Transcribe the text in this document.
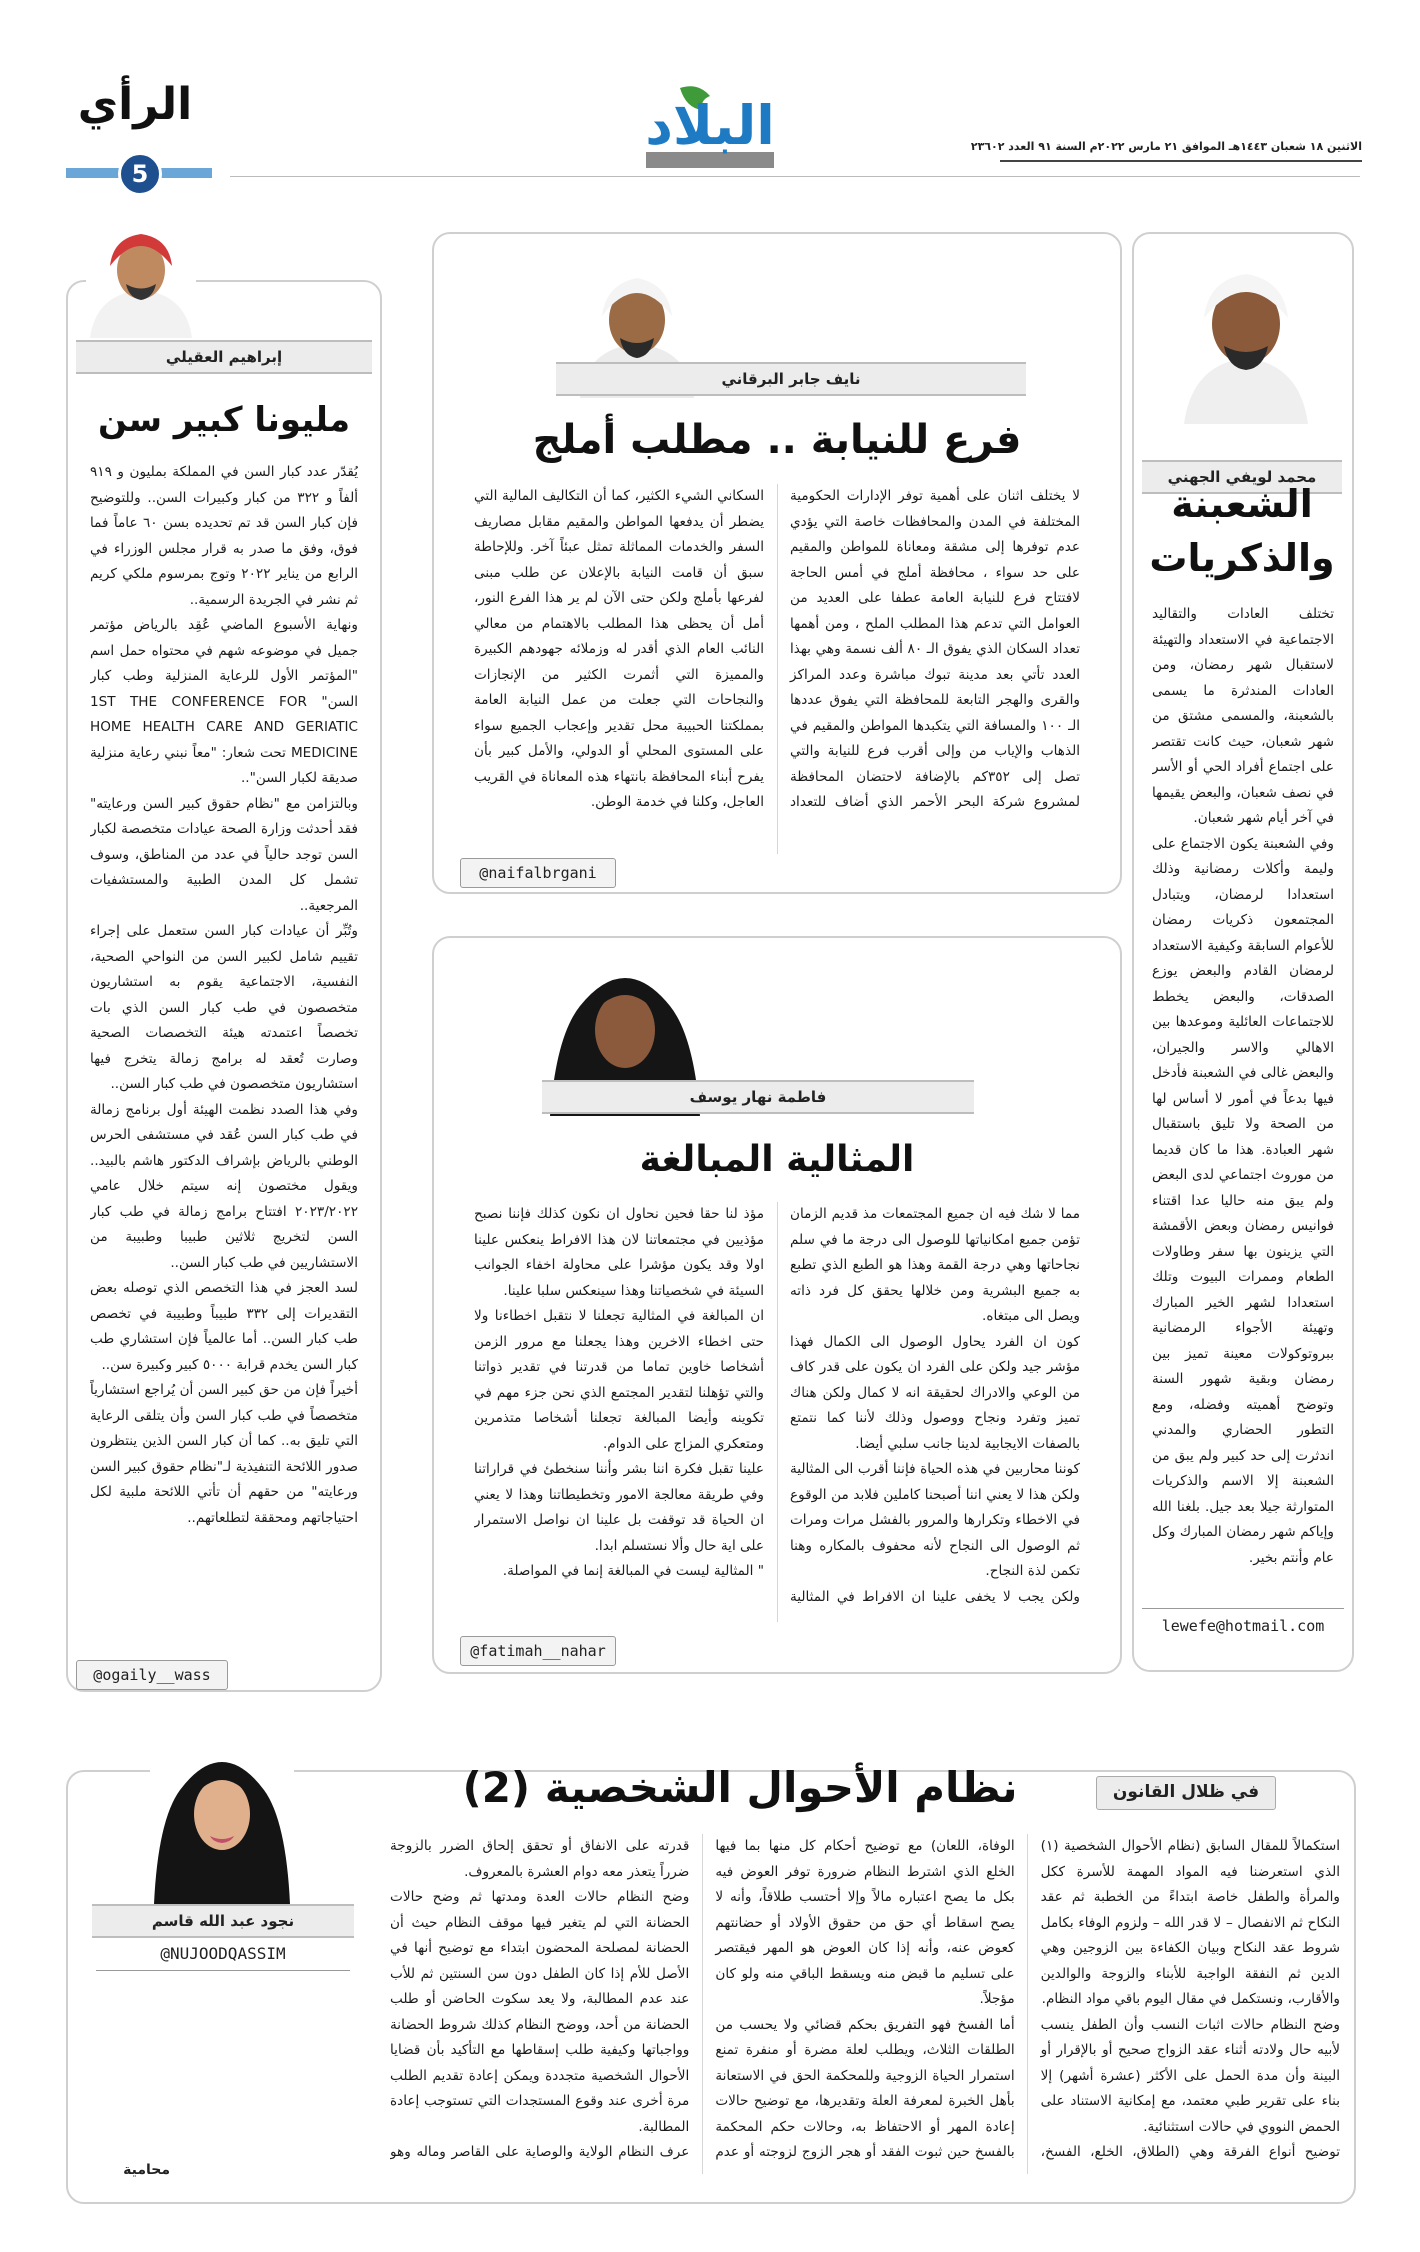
البلاد	الاثنين ١٨ شعبان ١٤٤٣هـ الموافق ٢١ مارس ٢٠٢٢م السنة ٩١ العدد ٢٣٦٠٢
الرأي
5
محمد لويفي الجهني
الشعبنة
والذكريات
تختلف العادات والتقاليد الاجتماعية في الاستعداد والتهيئة لاستقبال شهر رمضان، ومن العادات المندثرة ما يسمى بالشعبنة، والمسمى مشتق من شهر شعبان، حيث كانت تقتصر على اجتماع أفراد الحي أو الأسر في نصف شعبان، والبعض يقيمها في آخر أيام شهر شعبان.
وفي الشعبنة يكون الاجتماع على وليمة وأكلات رمضانية وذلك استعدادا لرمضان، ويتبادل المجتمعون ذكريات رمضان للأعوام السابقة وكيفية الاستعداد لرمضان القادم والبعض يوزع الصدقات، والبعض يخطط للاجتماعات العائلية وموعدها بين الاهالي والاسر والجيران، والبعض غالى في الشعبنة فأدخل فيها بدعاً في أمور لا أساس لها من الصحة ولا تليق باستقبال شهر العبادة. هذا ما كان قديما من موروث اجتماعي لدى البعض ولم يبق منه حاليا عدا اقتناء فوانيس رمضان وبعض الأقمشة التي يزينون بها سفر وطاولات الطعام وممرات البيوت وتلك استعدادا لشهر الخير المبارك وتهيئة الأجواء الرمضانية ببروتوكولات معينة تميز بين رمضان وبقية شهور السنة وتوضح أهميته وفضله، ومع التطور الحضاري والمدني اندثرت إلى حد كبير ولم يبق من الشعبنة إلا الاسم والذكريات المتوارثة جيلا بعد جيل. بلغنا الله وإياكم شهر رمضان المبارك وكل عام وأنتم بخير.
lewefe@hotmail.com
نايف جابر البرقاني
فرع للنيابة .. مطلب أملج
لا يختلف اثنان على أهمية توفر الإدارات الحكومية المختلفة في المدن والمحافظات خاصة التي يؤدي عدم توفرها إلى مشقة ومعاناة للمواطن والمقيم على حد سواء ، محافظة أملج في أمس الحاجة لافتتاح فرع للنيابة العامة عطفا على العديد من العوامل التي تدعم هذا المطلب الملح ، ومن أهمها تعداد السكان الذي يفوق الـ ٨٠ ألف نسمة وهي بهذا العدد تأتي بعد مدينة تبوك مباشرة وعدد المراكز والقرى والهجر التابعة للمحافظة التي يفوق عددها الـ ١٠٠ والمسافة التي يتكبدها المواطن والمقيم في الذهاب والإياب من وإلى أقرب فرع للنيابة والتي تصل إلى ٣٥٢كم بالإضافة لاحتضان المحافظة لمشروع شركة البحر الأحمر الذي أضاف للتعداد السكاني الشيء الكثير، كما أن التكاليف المالية التي يضطر أن يدفعها المواطن والمقيم مقابل مصاريف السفر والخدمات المماثلة تمثل عبئاً آخر. وللإحاطة سبق أن قامت النيابة بالإعلان عن طلب مبنى لفرعها بأملج ولكن حتى الآن لم ير هذا الفرع النور، أمل أن يحظى هذا المطلب بالاهتمام من معالي النائب العام الذي أقدر له وزملائه جهودهم الكبيرة والمميزة التي أثمرت الكثير من الإنجازات والنجاحات التي جعلت من عمل النيابة العامة بمملكتنا الحبيبة محل تقدير وإعجاب الجميع سواء على المستوى المحلي أو الدولي، والأمل كبير بأن يفرح أبناء المحافظة بانتهاء هذه المعاناة في القريب العاجل، وكلنا في خدمة الوطن.
@naifalbrgani
فاطمة نهار يوسف
المثالية المبالغة
مما لا شك فيه ان جميع المجتمعات مذ قديم الزمان تؤمن جميع امكانياتها للوصول الى درجة ما في سلم نجاحاتها وهي درجة القمة وهذا هو الطبع الذي تطبع به جميع البشرية ومن خلالها يحقق كل فرد ذاته ويصل الى مبتغاه.
كون ان الفرد يحاول الوصول الى الكمال فهذا مؤشر جيد ولكن على الفرد ان يكون على قدر كاف من الوعي والادراك لحقيقة انه لا كمال ولكن هناك تميز وتفرد ونجاح ووصول وذلك لأننا كما نتمتع بالصفات الايجابية لدينا جانب سلبي أيضا.
كوننا محاربين في هذه الحياة فإننا أقرب الى المثالية ولكن هذا لا يعني اننا أصبحنا كاملين فلابد من الوقوع في الاخطاء وتكرارها والمرور بالفشل مرات ومرات ثم الوصول الى النجاح لأنه محفوف بالمكاره وهنا تكمن لذة النجاح.
ولكن يجب لا يخفى علينا ان الافراط في المثالية مؤذ لنا حقا فحين نحاول ان نكون كذلك فإننا نصبح مؤذيين في مجتمعاتنا لان هذا الافراط ينعكس علينا اولا وقد يكون مؤشرا على محاولة اخفاء الجوانب السيئة في شخصياتنا وهذا سينعكس سلبا علينا.
ان المبالغة في المثالية تجعلنا لا نتقبل اخطاءنا ولا حتى اخطاء الاخرين وهذا يجعلنا مع مرور الزمن أشخاصا خاوين تماما من قدرتنا في تقدير ذواتنا والتي تؤهلنا لتقدير المجتمع الذي نحن جزء مهم في تكوينه وأيضا المبالغة تجعلنا أشخاصا متذمرين ومتعكري المزاج على الدوام.
علينا تقبل فكرة اننا بشر وأننا سنخطئ في قراراتنا وفي طريقة معالجة الامور وتخطيطاتنا وهذا لا يعني ان الحياة قد توقفت بل علينا ان نواصل الاستمرار على اية حال وألا نستسلم ابدا.
" المثالية ليست في المبالغة إنما في المواصلة.
@fatimah__nahar
إبراهيم العقيلي
مليونا كبير سن
يُقدّر عدد كبار السن في المملكة بمليون و ٩١٩ ألفاً و ٣٢٢ من كبار وكبيرات السن.. وللتوضيح فإن كبار السن قد تم تحديده بسن ٦٠ عاماً فما فوق، وفق ما صدر به قرار مجلس الوزراء في الرابع من يناير ٢٠٢٢ وتوج بمرسوم ملكي كريم ثم نشر في الجريدة الرسمية..
ونهاية الأسبوع الماضي عُقِد بالرياض مؤتمر جميل في موضوعه شهم في محتواه حمل اسم "المؤتمر الأول للرعاية المنزلية وطب كبار السن" 1ST THE CONFERENCE FOR HOME HEALTH CARE AND GERIATIC MEDICINE تحت شعار: "معاً نبني رعاية منزلية صديقة لكبار السن"..
وبالتزامن مع "نظام حقوق كبير السن ورعايته" فقد أحدثت وزارة الصحة عيادات متخصصة لكبار السن توجد حالياً في عدد من المناطق، وسوف تشمل كل المدن الطبية والمستشفيات المرجعية..
وتُبِّر أن عيادات كبار السن ستعمل على إجراء تقييم شامل لكبير السن من النواحي الصحية، النفسية، الاجتماعية يقوم به استشاريون متخصصون في طب كبار السن الذي بات تخصصاً اعتمدته هيئة التخصصات الصحية وصارت تُعقد له برامج زمالة يتخرج فيها استشاريون متخصصون في طب كبار السن..
وفي هذا الصدد نظمت الهيئة أول برنامج زمالة في طب كبار السن عُقد في مستشفى الحرس الوطني بالرياض بإشراف الدكتور هاشم بالبيد.. ويقول مختصون إنه سيتم خلال عامي ٢٠٢٣/٢٠٢٢ افتتاح برامج زمالة في طب كبار السن لتخريج ثلاثين طبيبا وطبيبة من الاستشاريين في طب كبار السن..
لسد العجز في هذا التخصص الذي توصله بعض التقديرات إلى ٣٣٢ طبيباً وطبيبة في تخصص طب كبار السن.. أما عالمياً فإن استشاري طب كبار السن يخدم قرابة ٥٠٠٠ كبير وكبيرة سن..
أخيراً فإن من حق كبير السن أن يُراجع استشارياً متخصصاً في طب كبار السن وأن يتلقى الرعاية التي تليق به.. كما أن كبار السن الذين ينتظرون صدور اللائحة التنفيذية لـ"نظام حقوق كبير السن ورعايته" من حقهم أن تأتي اللائحة ملبية لكل احتياجاتهم ومحققة لتطلعاتهم..
@ogaily__wass
في ظلال القانون
نظام الأحوال الشخصية (2)
استكمالاً للمقال السابق (نظام الأحوال الشخصية (١) الذي استعرضنا فيه المواد المهمة للأسرة ككل والمرأة والطفل خاصة ابتداءً من الخطبة ثم عقد النكاح ثم الانفصال – لا قدر الله – ولزوم الوفاء بكامل شروط عقد النكاح وبيان الكفاءة بين الزوجين وهي الدين ثم النفقة الواجبة للأبناء والزوجة والوالدين والأقارب، ونستكمل في مقال اليوم باقي مواد النظام.
وضح النظام حالات اثبات النسب وأن الطفل ينسب لأبيه حال ولادته أثناء عقد الزواج صحيح أو بالإقرار أو البينة وأن مدة الحمل على الأكثر (عشرة أشهر) إلا بناء على تقرير طبي معتمد، مع إمكانية الاستناد على الحمض النووي في حالات استثنائية.
توضيح أنواع الفرقة وهي (الطلاق، الخلع، الفسخ، الوفاة، اللعان) مع توضيح أحكام كل منها بما فيها الخلع الذي اشترط النظام ضرورة توفر العوض فيه بكل ما يصح اعتباره مالاً وإلا أحتسب طلاقاً، وأنه لا يصح اسقاط أي حق من حقوق الأولاد أو حضانتهم كعوض عنه، وأنه إذا كان العوض هو المهر فيقتصر على تسليم ما قبض منه ويسقط الباقي منه ولو كان مؤجلاً.
أما الفسخ فهو التفريق بحكم قضائي ولا يحسب من الطلقات الثلاث، ويطلب لعلة مضرة أو منفرة تمنع استمرار الحياة الزوجية وللمحكمة الحق في الاستعانة بأهل الخبرة لمعرفة العلة وتقديرها، مع توضيح حالات إعادة المهر أو الاحتفاظ به، وحالات حكم المحكمة بالفسخ حين ثبوت الفقد أو هجر الزوج لزوجته أو عدم قدرته على الانفاق أو تحقق إلحاق الضرر بالزوجة ضرراً يتعذر معه دوام العشرة بالمعروف.
وضح النظام حالات العدة ومدتها ثم وضح حالات الحضانة التي لم يتغير فيها موقف النظام حيث أن الحضانة لمصلحة المحضون ابتداء مع توضيح أنها في الأصل للأم إذا كان الطفل دون سن السنتين ثم للأب عند عدم المطالبة، ولا يعد سكوت الحاضن أو طلب الحضانة من أحد، ووضح النظام كذلك شروط الحضانة وواجباتها وكيفية طلب إسقاطها مع التأكيد بأن قضايا الأحوال الشخصية متجددة ويمكن إعادة تقديم الطلب مرة أخرى عند وقوع المستجدات التي تستوجب إعادة المطالبة.
عرف النظام الولاية والوصاية على القاصر وماله وهو
نجود عبد الله قاسم
@NUJOODQASSIM
محامية
